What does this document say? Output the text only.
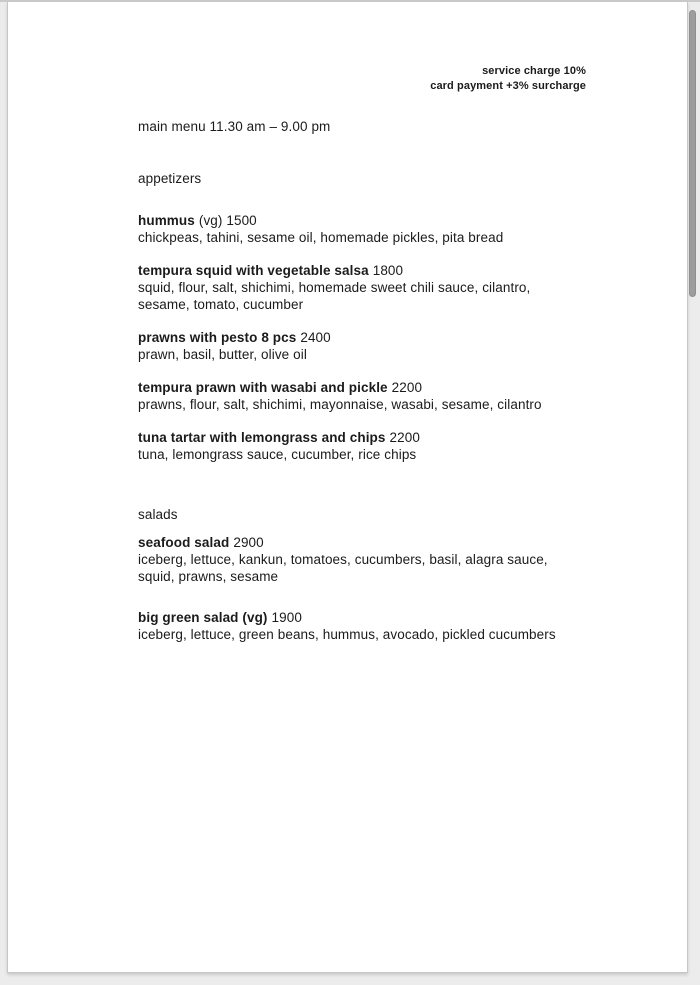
service charge 10%
card payment +3% surcharge
main menu 11.30 am – 9.00 pm
appetizers
hummus (vg) 1500
chickpeas, tahini, sesame oil, homemade pickles, pita bread
tempura squid with vegetable salsa 1800
squid, flour, salt, shichimi, homemade sweet chili sauce, cilantro,
sesame, tomato, cucumber
prawns with pesto 8 pcs 2400
prawn, basil, butter, olive oil
tempura prawn with wasabi and pickle 2200
prawns, flour, salt, shichimi, mayonnaise, wasabi, sesame, cilantro
tuna tartar with lemongrass and chips 2200
tuna, lemongrass sauce, cucumber, rice chips
salads
seafood salad 2900
iceberg, lettuce, kankun, tomatoes, cucumbers, basil, alagra sauce,
squid, prawns, sesame
big green salad (vg) 1900
iceberg, lettuce, green beans, hummus, avocado, pickled cucumbers
